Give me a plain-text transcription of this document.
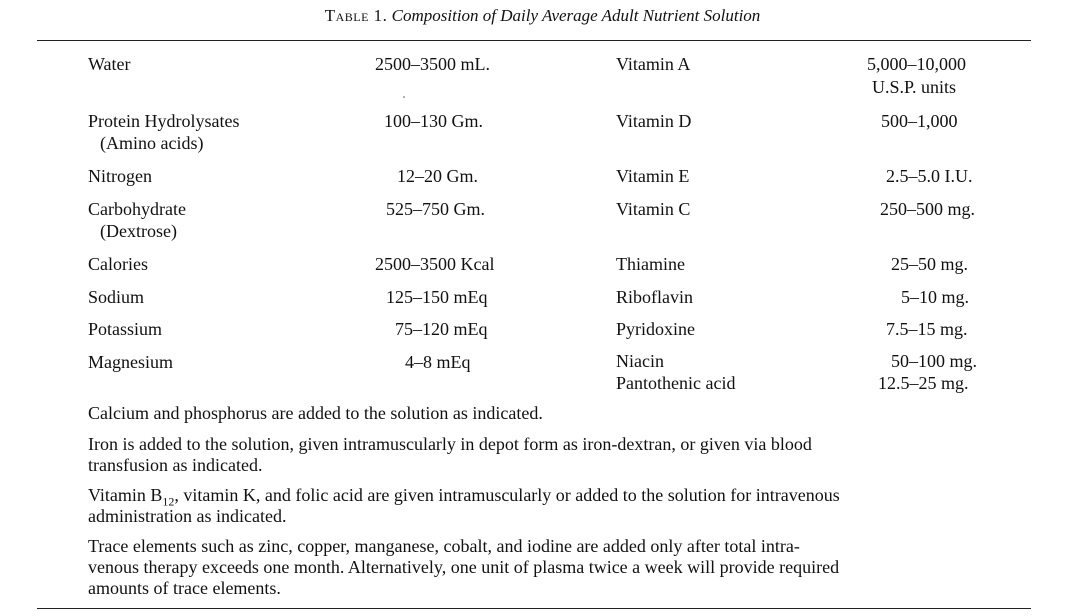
Table 1. Composition of Daily Average Adult Nutrient Solution
Water
Protein Hydrolysates
(Amino acids)
Nitrogen
Carbohydrate
(Dextrose)
Calories
Sodium
Potassium
Magnesium
2500–3500 mL.
100–130 Gm.
12–20 Gm.
525–750 Gm.
2500–3500 Kcal
125–150 mEq
75–120 mEq
4–8 mEq
Vitamin A
Vitamin D
Vitamin E
Vitamin C
Thiamine
Riboflavin
Pyridoxine
Niacin
Pantothenic acid
5,000–10,000
U.S.P. units
500–1,000
2.5–5.0 I.U.
250–500 mg.
25–50 mg.
5–10 mg.
7.5–15 mg.
50–100 mg.
12.5–25 mg.
Calcium and phosphorus are added to the solution as indicated.
Iron is added to the solution, given intramuscularly in depot form as iron-dextran, or given via blood
transfusion as indicated.
Vitamin $B_{12}$, vitamin K, and folic acid are given intramuscularly or added to the solution for intravenous
administration as indicated.
Trace elements such as zinc, copper, manganese, cobalt, and iodine are added only after total intra-
venous therapy exceeds one month. Alternatively, one unit of plasma twice a week will provide required
amounts of trace elements.
